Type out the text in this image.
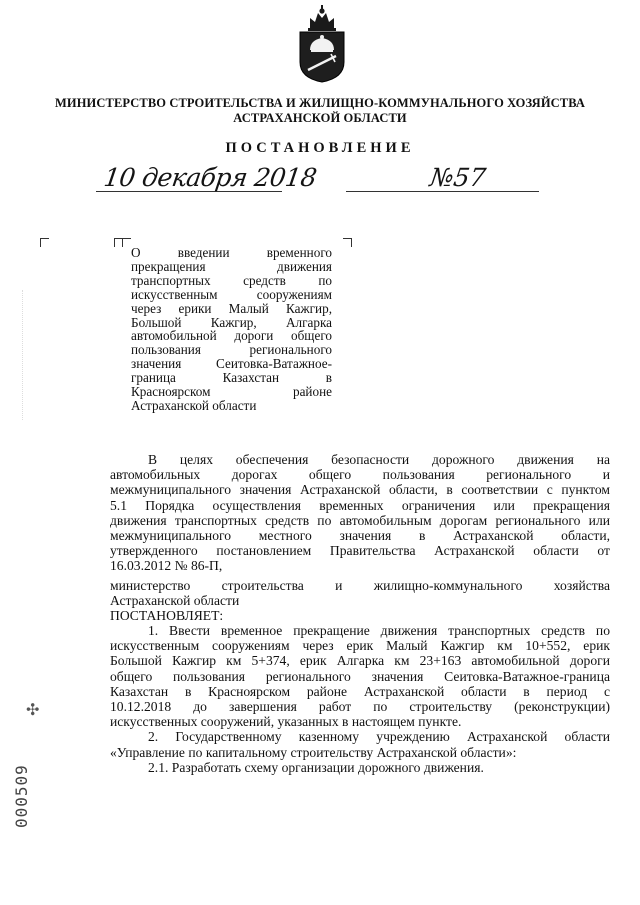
МИНИСТЕРСТВО СТРОИТЕЛЬСТВА И ЖИЛИЩНО-КОММУНАЛЬНОГО ХОЗЯЙСТВА
АСТРАХАНСКОЙ ОБЛАСТИ
ПОСТАНОВЛЕНИЕ
10 декабря 2018	№57
О введении временного
прекращения движения
транспортных средств по
искусственным сооружениям
через ерики Малый Кажгир,
Большой Кажгир, Алгарка
автомобильной дороги общего
пользования регионального
значения Сеитовка-Ватажное-
граница Казахстан в
Красноярском районе
Астраханской области
В целях обеспечения безопасности дорожного движения на
автомобильных дорогах общего пользования регионального и
межмуниципального значения Астраханской области, в соответствии с пунктом
5.1 Порядка осуществления временных ограничения или прекращения
движения транспортных средств по автомобильным дорогам регионального или
межмуниципального местного значения в Астраханской области,
утвержденного постановлением Правительства Астраханской области от
16.03.2012 № 86-П,
министерство строительства и жилищно-коммунального хозяйства
Астраханской области
ПОСТАНОВЛЯЕТ:
1. Ввести временное прекращение движения транспортных средств по
искусственным сооружениям через ерик Малый Кажгир км 10+552, ерик
Большой Кажгир км 5+374, ерик Алгарка км 23+163 автомобильной дороги
общего пользования регионального значения Сеитовка-Ватажное-граница
Казахстан в Красноярском районе Астраханской области в период с
10.12.2018 до завершения работ по строительству (реконструкции)
искусственных сооружений, указанных в настоящем пункте.
2. Государственному казенному учреждению Астраханской области
«Управление по капитальному строительству Астраханской области»:
2.1. Разработать схему организации дорожного движения.
✣
000509
